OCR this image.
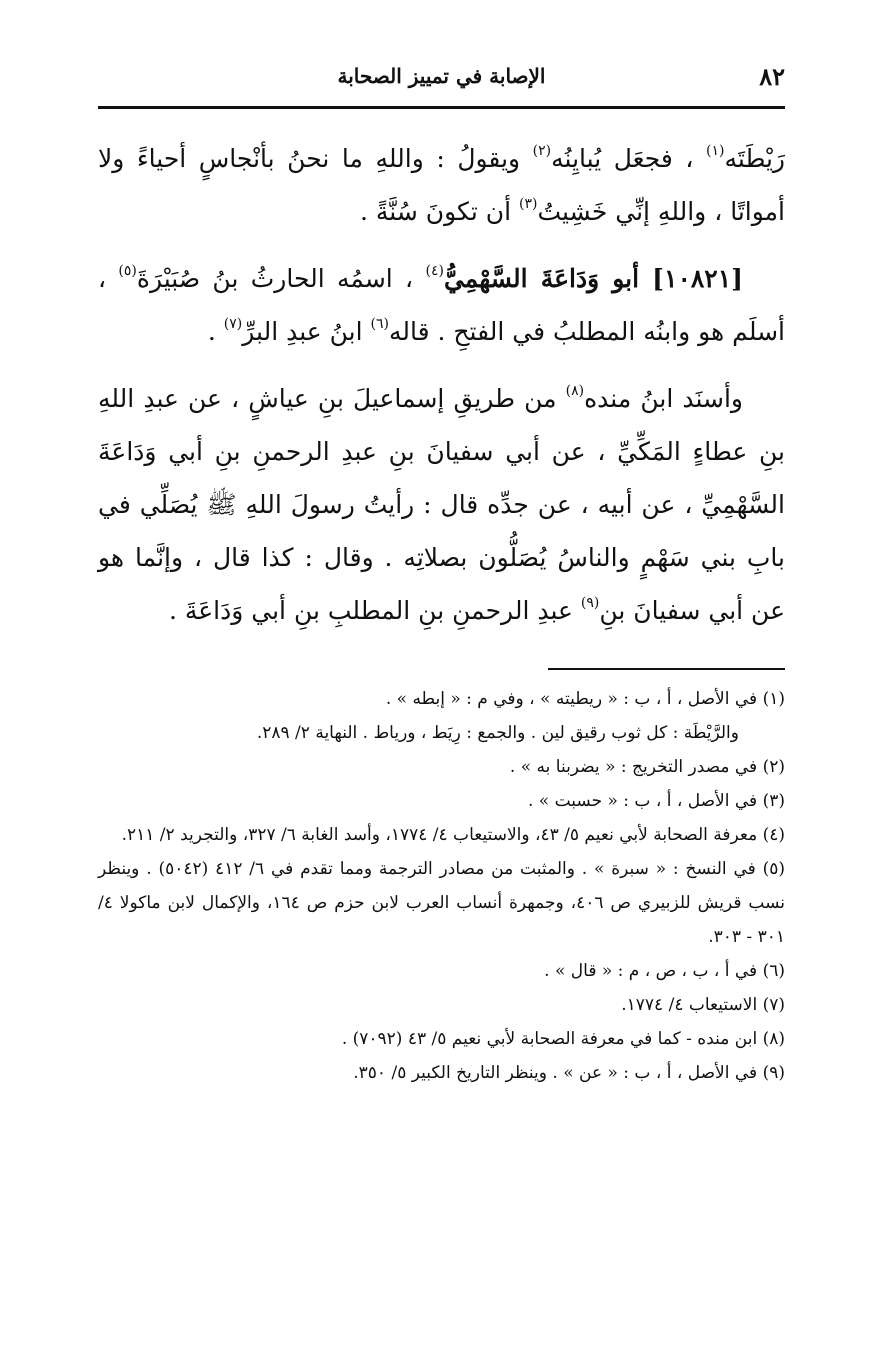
٨٢
الإصابة في تمييز الصحابة

رَيْطَتَه$^{(١)}$ ، فجعَل يُبايِنُه$^{(٢)}$ ويقولُ : واللهِ ما نحنُ بأنْجاسٍ أحياءً ولا أمواتًا ، واللهِ إنِّي خَشِيتُ$^{(٣)}$ أن تكونَ سُنَّةً .

[١٠٨٢١] أبو وَدَاعَةَ السَّهْمِيُّ$^{(٤)}$ ، اسمُه الحارثُ بنُ صُبَيْرَةَ$^{(٥)}$ ، أسلَم هو وابنُه المطلبُ في الفتحِ . قاله$^{(٦)}$ ابنُ عبدِ البرِّ$^{(٧)}$ .

وأسنَد ابنُ منده$^{(٨)}$ من طريقِ إسماعيلَ بنِ عياشٍ ، عن عبدِ اللهِ بنِ عطاءٍ المَكِّيِّ ، عن أبي سفيانَ بنِ عبدِ الرحمنِ بنِ أبي وَدَاعَةَ السَّهْمِيِّ ، عن أبيه ، عن جدِّه قال : رأيتُ رسولَ اللهِ ﷺ يُصَلِّي في بابِ بني سَهْمٍ والناسُ يُصَلُّون بصلاتِه . وقال : كذا قال ، وإنَّما هو عن أبي سفيانَ بنِ$^{(٩)}$ عبدِ الرحمنِ بنِ المطلبِ بنِ أبي وَدَاعَةَ .

(١) في الأصل ، أ ، ب : « ريطيته » ، وفي م : « إبطه » .

والرَّيْطَة : كل ثوب رقيق لين . والجمع : رِيَط ، ورياط . النهاية ٢/ ٢٨٩.

(٢) في مصدر التخريج : « يضربنا به » .

(٣) في الأصل ، أ ، ب : « حسبت » .

(٤) معرفة الصحابة لأبي نعيم ٥/ ٤٣، والاستيعاب ٤/ ١٧٧٤، وأسد الغابة ٦/ ٣٢٧، والتجريد ٢/ ٢١١.

(٥) في النسخ : « سبرة » . والمثبت من مصادر الترجمة ومما تقدم في ٦/ ٤١٢ (٥٠٤٢) . وينظر نسب قريش للزبيري ص ٤٠٦، وجمهرة أنساب العرب لابن حزم ص ١٦٤، والإكمال لابن ماكولا ٤/ ٣٠١ - ٣٠٣.

(٦) في أ ، ب ، ص ، م : « قال » .

(٧) الاستيعاب ٤/ ١٧٧٤.

(٨) ابن منده - كما في معرفة الصحابة لأبي نعيم ٥/ ٤٣ (٧٠٩٢) .

(٩) في الأصل ، أ ، ب : « عن » . وينظر التاريخ الكبير ٥/ ٣٥٠.
